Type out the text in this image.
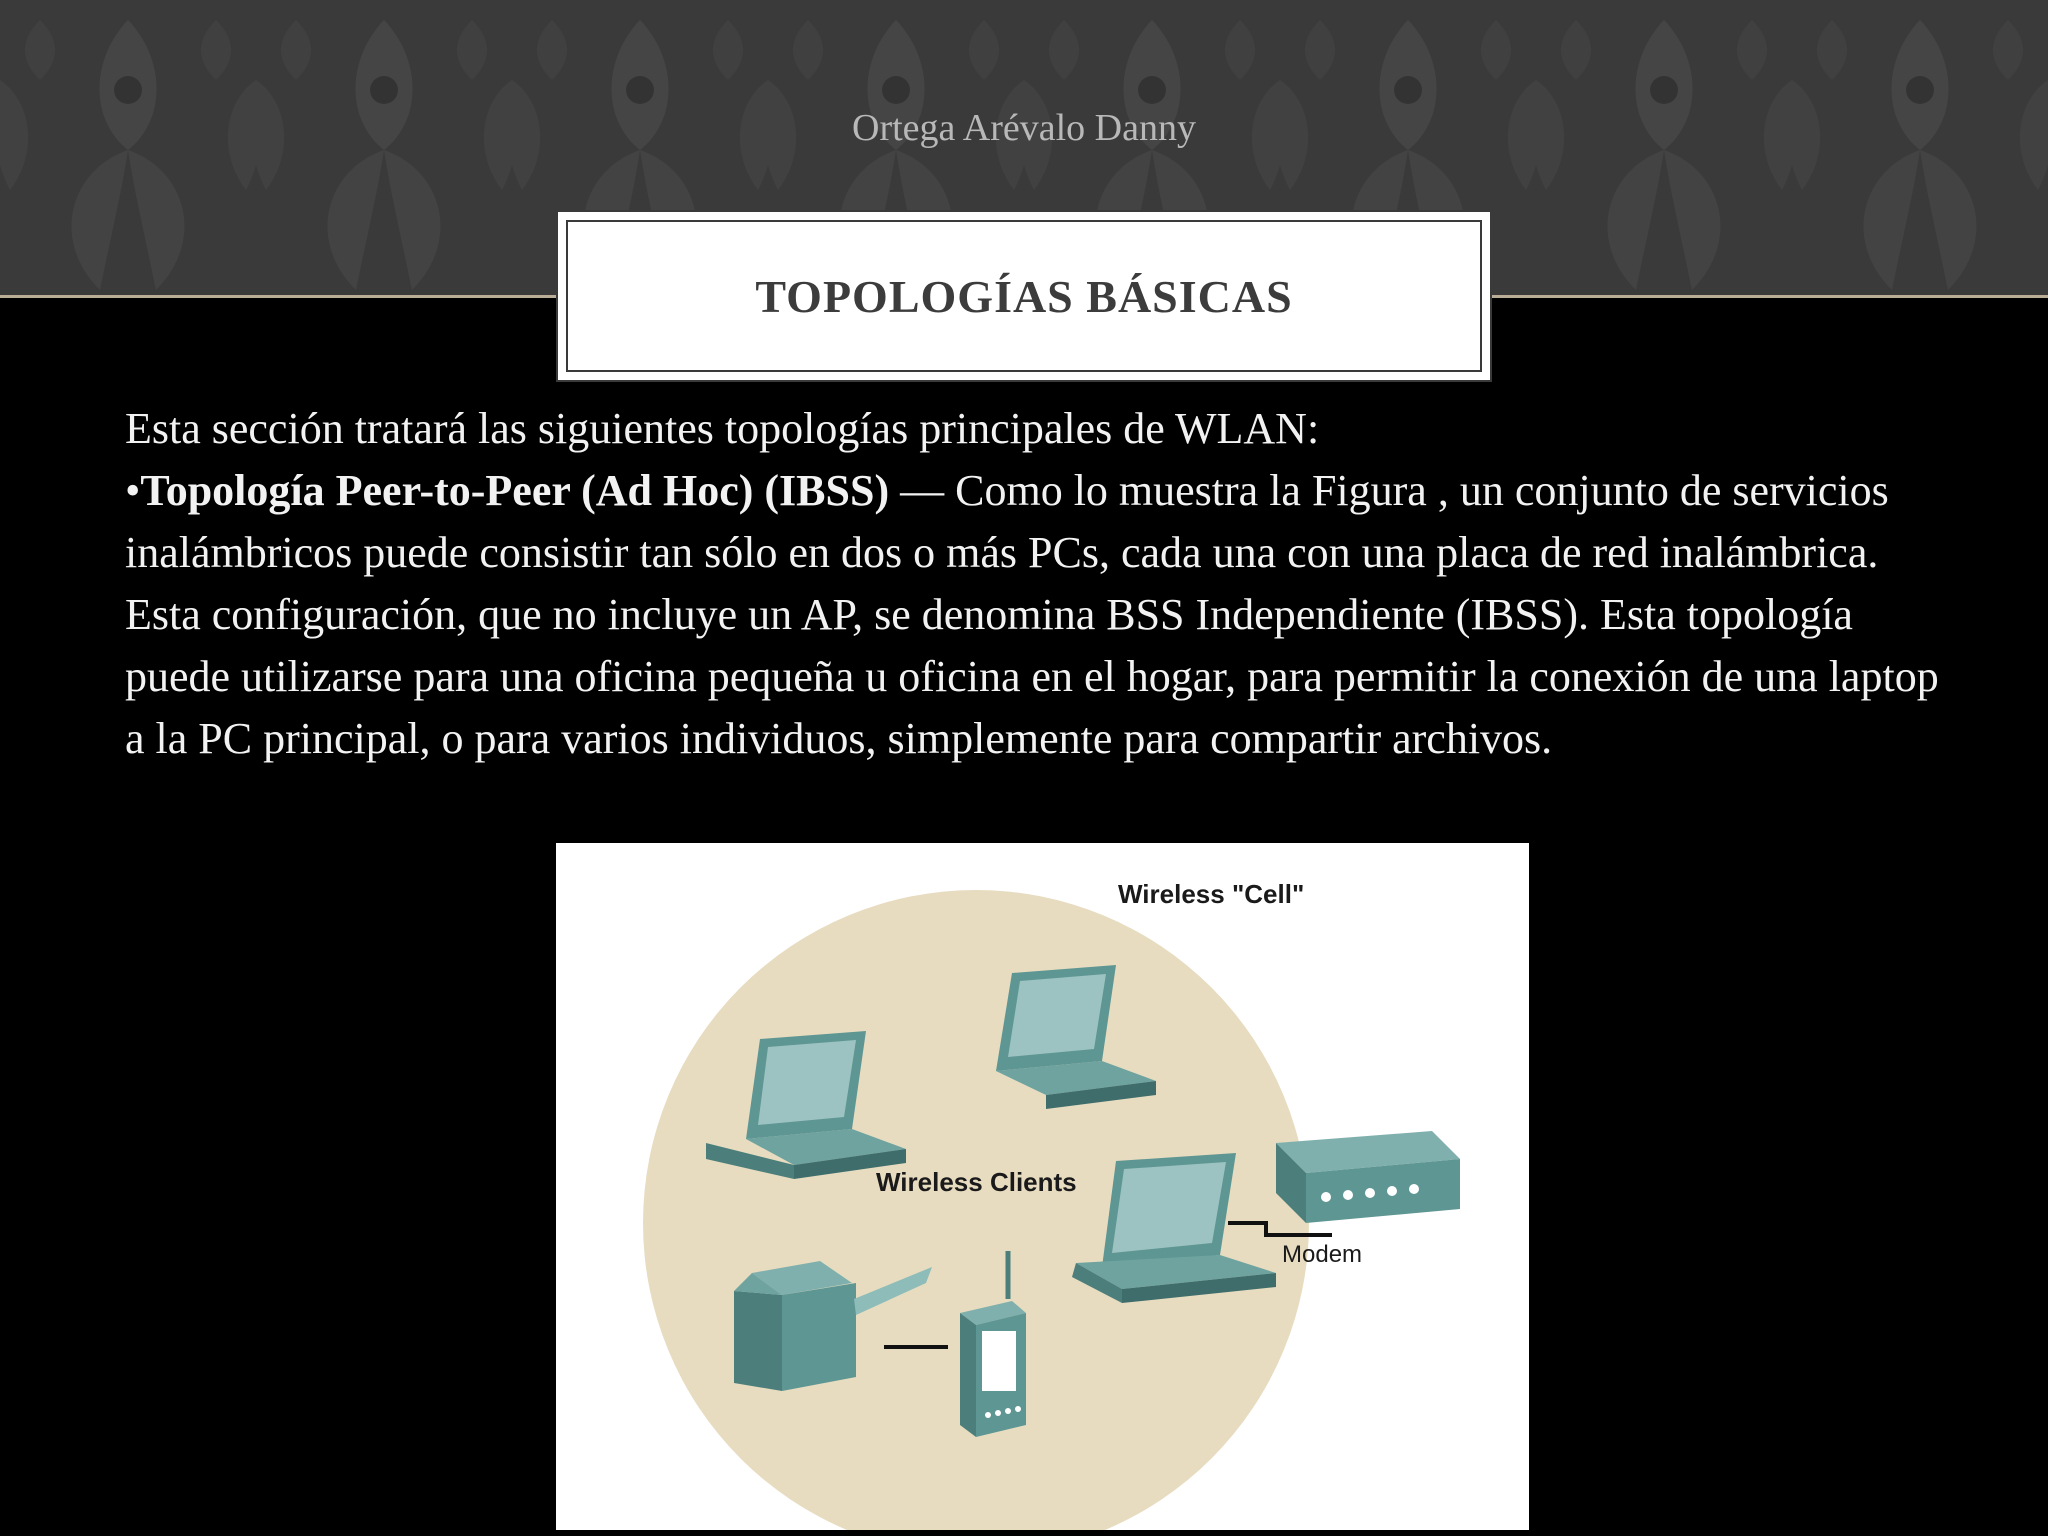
Ortega Arévalo Danny
TOPOLOGÍAS BÁSICAS

Esta sección tratará las siguientes topologías principales de WLAN:

•Topología Peer-to-Peer (Ad Hoc) (IBSS) — Como lo muestra la Figura , un conjunto de servicios inalámbricos puede consistir tan sólo en dos o más PCs, cada una con una placa de red inalámbrica. Esta configuración, que no incluye un AP, se denomina BSS Independiente (IBSS). Esta topología puede utilizarse para una oficina pequeña u oficina en el hogar, para permitir la conexión de una laptop a la PC principal, o para varios individuos, simplemente para compartir archivos.

Wireless "Cell"
Wireless Clients
Modem
